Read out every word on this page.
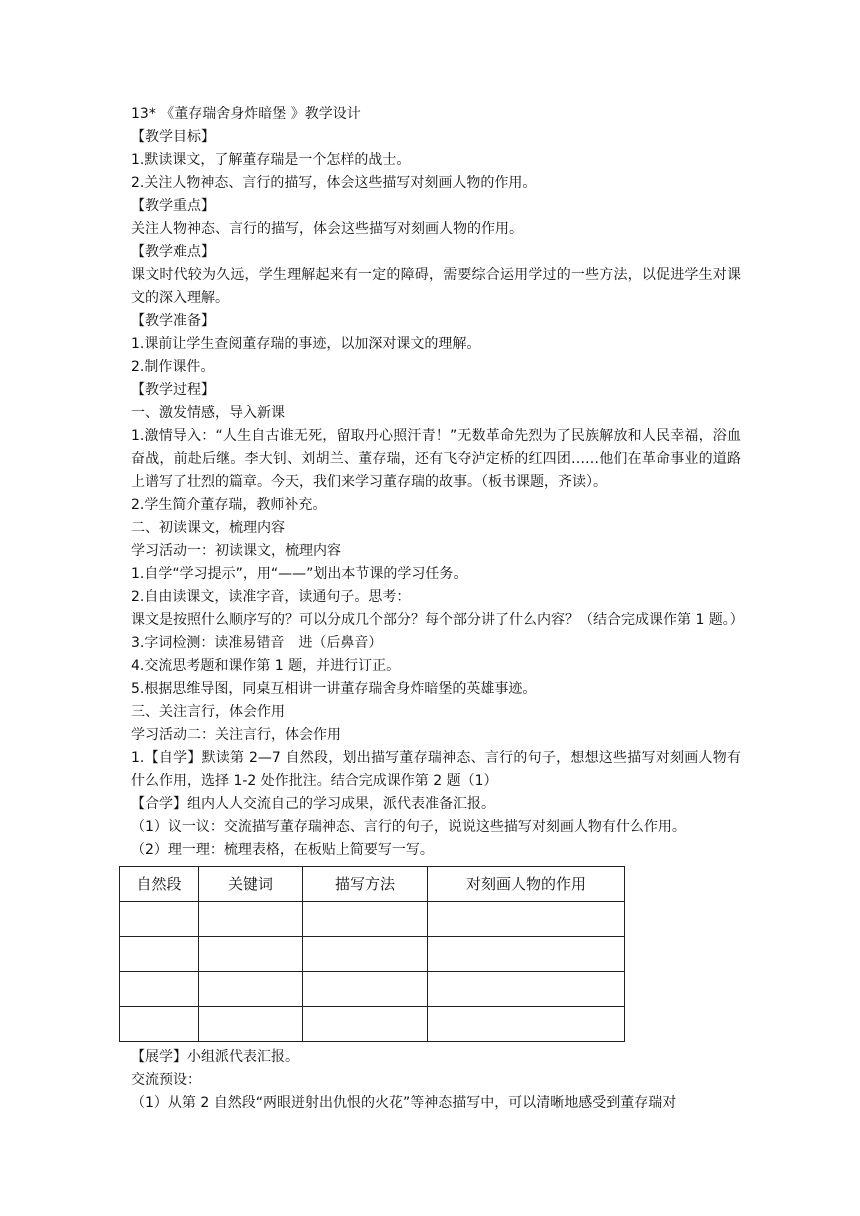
13* 《董存瑞舍身炸暗堡 》教学设计

【教学目标】

1.默读课文，了解董存瑞是一个怎样的战士。

2.关注人物神态、言行的描写，体会这些描写对刻画人物的作用。

【教学重点】

关注人物神态、言行的描写，体会这些描写对刻画人物的作用。

【教学难点】

课文时代较为久远，学生理解起来有一定的障碍，需要综合运用学过的一些方法，以促进学生对课文的深入理解。

【教学准备】

1.课前让学生查阅董存瑞的事迹，以加深对课文的理解。

2.制作课件。

【教学过程】

一、激发情感，导入新课

1.激情导入：“人生自古谁无死，留取丹心照汗青！”无数革命先烈为了民族解放和人民幸福，浴血奋战，前赴后继。李大钊、刘胡兰、董存瑞，还有飞夺泸定桥的红四团……他们在革命事业的道路上谱写了壮烈的篇章。今天，我们来学习董存瑞的故事。（板书课题，齐读）。

2.学生简介董存瑞，教师补充。

二、初读课文，梳理内容

学习活动一：初读课文，梳理内容

1.自学“学习提示”，用“——”划出本节课的学习任务。

2.自由读课文，读准字音，读通句子。思考：

课文是按照什么顺序写的？可以分成几个部分？每个部分讲了什么内容？（结合完成课作第 1 题。）

3.字词检测：读准易错音　进（后鼻音）

4.交流思考题和课作第 1 题，并进行订正。

5.根据思维导图，同桌互相讲一讲董存瑞舍身炸暗堡的英雄事迹。

三、关注言行，体会作用

学习活动二：关注言行，体会作用

1.【自学】默读第 2—7 自然段，划出描写董存瑞神态、言行的句子，想想这些描写对刻画人物有什么作用，选择 1-2 处作批注。结合完成课作第 2 题（1）

【合学】组内人人交流自己的学习成果，派代表准备汇报。

（1）议一议：交流描写董存瑞神态、言行的句子，说说这些描写对刻画人物有什么作用。

（2）理一理：梳理表格，在板贴上简要写一写。

自然段	关键词	描写方法	对刻画人物的作用

【展学】小组派代表汇报。

交流预设：

（1）从第 2 自然段“两眼迸射出仇恨的火花”等神态描写中，可以清晰地感受到董存瑞对
